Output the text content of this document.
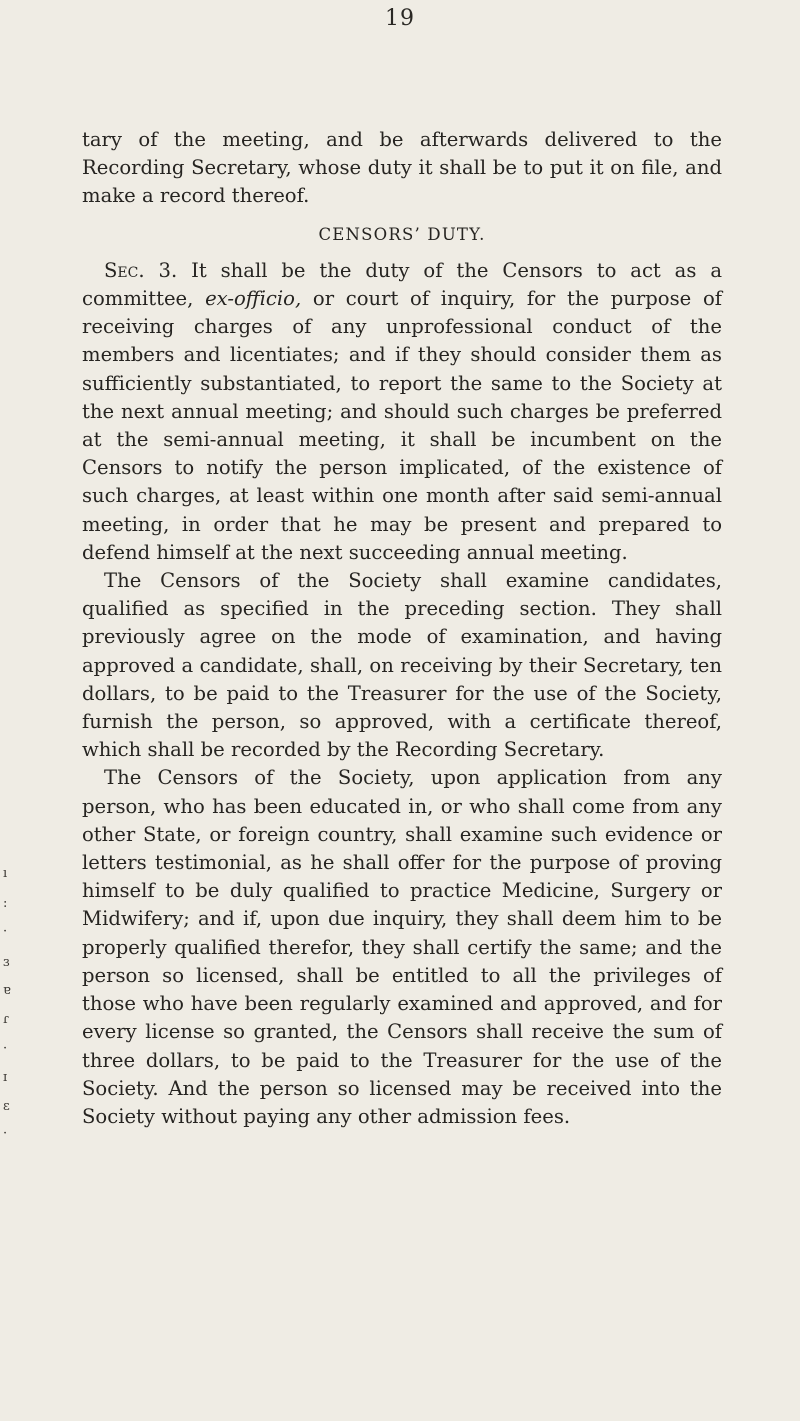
19
ı
:
·
ɜ
ɐ
ɾ
·
ɪ
ɛ
·

tary of the meeting, and be afterwards delivered to the Recording Secretary, whose duty it shall be to put it on file, and make a record thereof.

CENSORS’ DUTY.

Sec. 3. It shall be the duty of the Censors to act as a committee, ex-officio, or court of inquiry, for the purpose of receiving charges of any unprofessional conduct of the members and licentiates; and if they should consider them as sufficiently substantiated, to report the same to the Society at the next annual meeting; and should such charges be preferred at the semi-annual meeting, it shall be incumbent on the Censors to notify the person implicated, of the existence of such charges, at least within one month after said semi-annual meeting, in order that he may be present and prepared to defend himself at the next succeeding annual meeting.

The Censors of the Society shall examine candidates, qualified as specified in the preceding section. They shall previously agree on the mode of examination, and having approved a candidate, shall, on receiving by their Secretary, ten dollars, to be paid to the Treasurer for the use of the Society, furnish the person, so approved, with a certificate thereof, which shall be recorded by the Recording Secretary.

The Censors of the Society, upon application from any person, who has been educated in, or who shall come from any other State, or foreign country, shall examine such evidence or letters testimonial, as he shall offer for the purpose of proving himself to be duly qualified to practice Medicine, Surgery or Midwifery; and if, upon due inquiry, they shall deem him to be properly qualified therefor, they shall certify the same; and the person so licensed, shall be entitled to all the privileges of those who have been regularly examined and approved, and for every license so granted, the Censors shall receive the sum of three dollars, to be paid to the Treasurer for the use of the Society. And the person so licensed may be received into the Society without paying any other admission fees.
